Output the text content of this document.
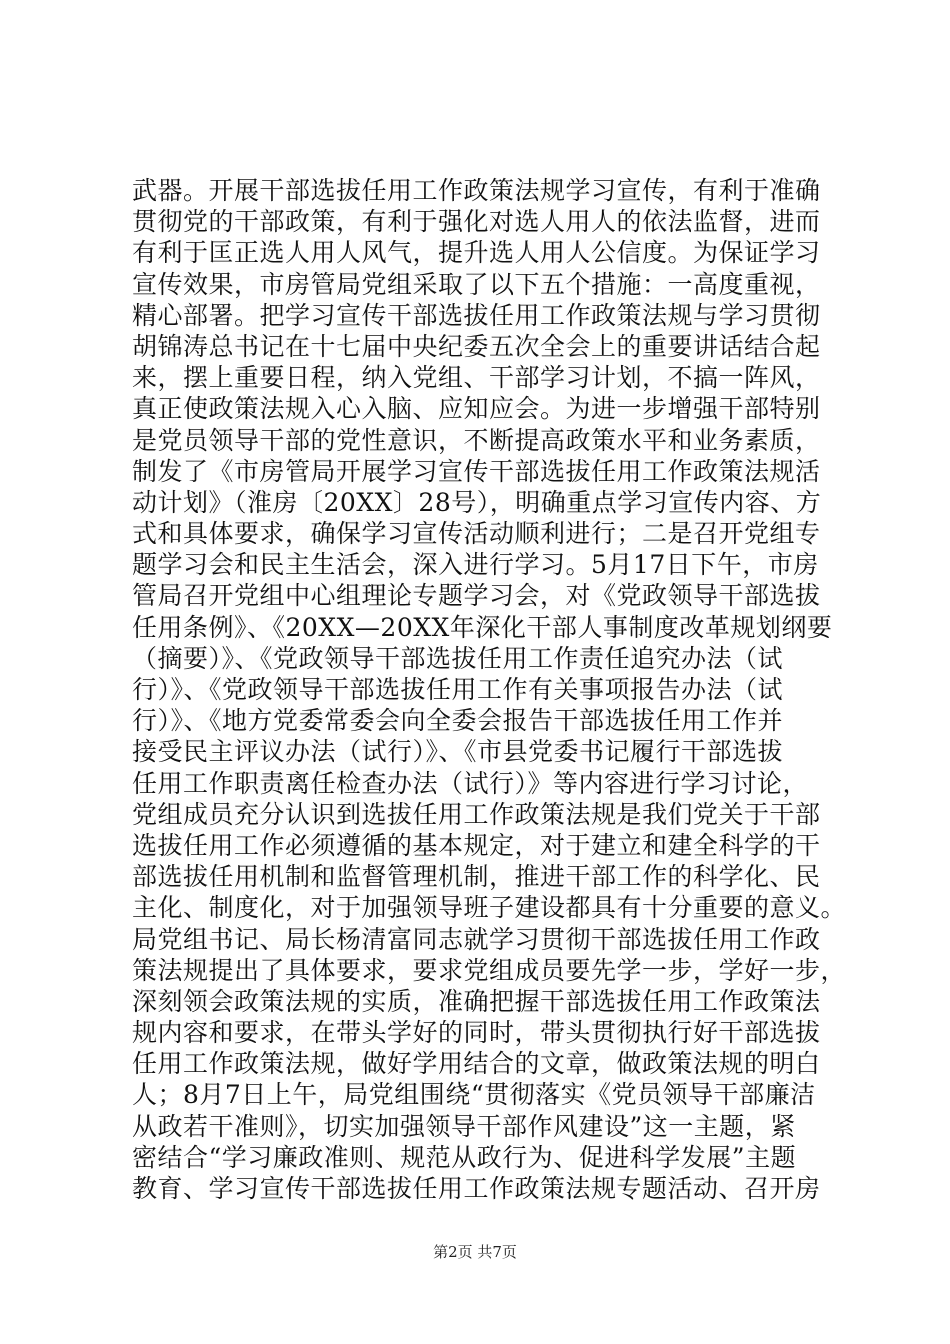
武器。开展干部选拔任用工作政策法规学习宣传，有利于准确
贯彻党的干部政策，有利于强化对选人用人的依法监督，进而
有利于匡正选人用人风气，提升选人用人公信度。为保证学习
宣传效果，市房管局党组采取了以下五个措施：一高度重视，
精心部署。把学习宣传干部选拔任用工作政策法规与学习贯彻
胡锦涛总书记在十七届中央纪委五次全会上的重要讲话结合起
来，摆上重要日程，纳入党组、干部学习计划，不搞一阵风，
真正使政策法规入心入脑、应知应会。为进一步增强干部特别
是党员领导干部的党性意识，不断提高政策水平和业务素质，
制发了《市房管局开展学习宣传干部选拔任用工作政策法规活
动计划》（淮房〔20XX〕28号），明确重点学习宣传内容、方
式和具体要求，确保学习宣传活动顺利进行；二是召开党组专
题学习会和民主生活会，深入进行学习。5月17日下午，市房
管局召开党组中心组理论专题学习会，对《党政领导干部选拔
任用条例》、《20XX—20XX年深化干部人事制度改革规划纲要
（摘要）》、《党政领导干部选拔任用工作责任追究办法（试
行）》、《党政领导干部选拔任用工作有关事项报告办法（试
行）》、《地方党委常委会向全委会报告干部选拔任用工作并
接受民主评议办法（试行）》、《市县党委书记履行干部选拔
任用工作职责离任检查办法（试行）》等内容进行学习讨论，
党组成员充分认识到选拔任用工作政策法规是我们党关于干部
选拔任用工作必须遵循的基本规定，对于建立和建全科学的干
部选拔任用机制和监督管理机制，推进干部工作的科学化、民
主化、制度化，对于加强领导班子建设都具有十分重要的意义。
局党组书记、局长杨清富同志就学习贯彻干部选拔任用工作政
策法规提出了具体要求，要求党组成员要先学一步，学好一步，
深刻领会政策法规的实质，准确把握干部选拔任用工作政策法
规内容和要求，在带头学好的同时，带头贯彻执行好干部选拔
任用工作政策法规，做好学用结合的文章，做政策法规的明白
人；8月7日上午，局党组围绕“贯彻落实《党员领导干部廉洁
从政若干准则》，切实加强领导干部作风建设”这一主题，紧
密结合“学习廉政准则、规范从政行为、促进科学发展”主题
教育、学习宣传干部选拔任用工作政策法规专题活动、召开房
第2页 共7页
